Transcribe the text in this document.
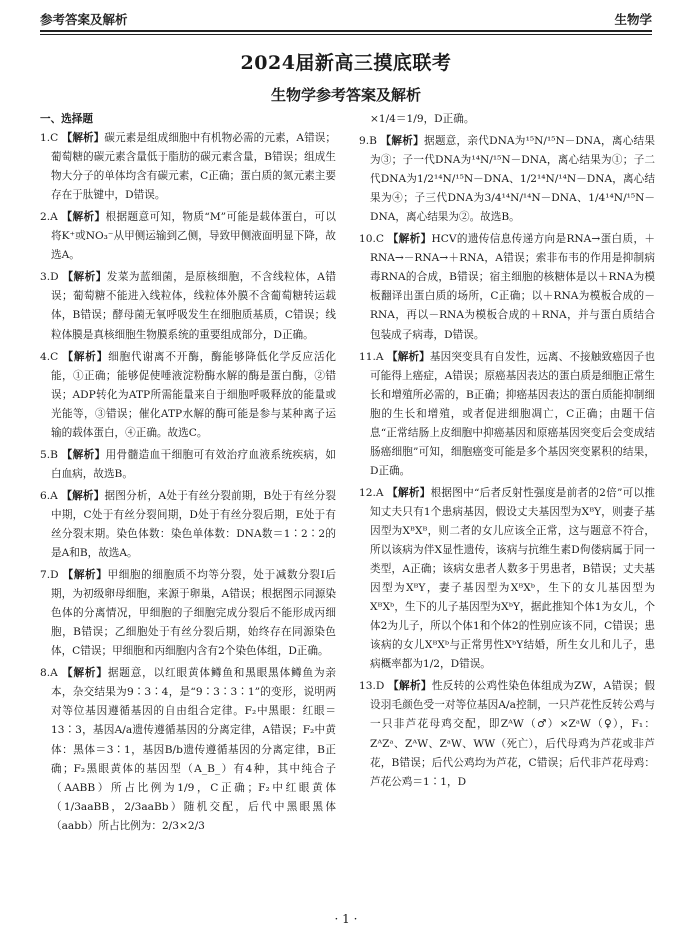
参考答案及解析	生物学
2024届新高三摸底联考
生物学参考答案及解析
一、选择题
1.C 【解析】碳元素是组成细胞中有机物必需的元素，A错误；葡萄糖的碳元素含量低于脂肪的碳元素含量，B错误；组成生物大分子的单体均含有碳元素，C正确；蛋白质的氮元素主要存在于肽键中，D错误。
2.A 【解析】根据题意可知，物质“M”可能是载体蛋白，可以将K⁺或NO₃⁻从甲侧运输到乙侧，导致甲侧液面明显下降，故选A。
3.D 【解析】发菜为蓝细菌，是原核细胞，不含线粒体，A错误；葡萄糖不能进入线粒体，线粒体外膜不含葡萄糖转运载体，B错误；酵母菌无氧呼吸发生在细胞质基质，C错误；线粒体膜是真核细胞生物膜系统的重要组成部分，D正确。
4.C 【解析】细胞代谢离不开酶，酶能够降低化学反应活化能，①正确；能够促使唾液淀粉酶水解的酶是蛋白酶，②错误；ADP转化为ATP所需能量来自于细胞呼吸释放的能量或光能等，③错误；催化ATP水解的酶可能是参与某种离子运输的载体蛋白，④正确。故选C。
5.B 【解析】用骨髓造血干细胞可有效治疗血液系统疾病，如白血病，故选B。
6.A 【解析】据图分析，A处于有丝分裂前期，B处于有丝分裂中期，C处于有丝分裂间期，D处于有丝分裂后期，E处于有丝分裂末期。染色体数：染色单体数：DNA数＝1∶2∶2的是A和B，故选A。
7.D 【解析】甲细胞的细胞质不均等分裂，处于减数分裂Ⅰ后期，为初级卵母细胞，来源于卵巢，A错误；根据图示同源染色体的分离情况，甲细胞的子细胞完成分裂后不能形成丙细胞，B错误；乙细胞处于有丝分裂后期，始终存在同源染色体，C错误；甲细胞和丙细胞内含有2个染色体组，D正确。
8.A 【解析】据题意，以红眼黄体鳟鱼和黑眼黑体鳟鱼为亲本，杂交结果为9∶3∶4，是“9∶3∶3∶1”的变形，说明两对等位基因遵循基因的自由组合定律。F₂中黑眼：红眼＝13∶3，基因A/a遗传遵循基因的分离定律，A错误；F₂中黄体：黑体＝3∶1，基因B/b遗传遵循基因的分离定律，B正确；F₂黑眼黄体的基因型（A_B_）有4种，其中纯合子（AABB）所占比例为1/9，C正确；F₂中红眼黄体（1/3aaBB，2/3aaBb）随机交配，后代中黑眼黑体（aabb）所占比例为：2/3×2/3
×1/4＝1/9，D正确。
9.B 【解析】据题意，亲代DNA为¹⁵N/¹⁵N－DNA，离心结果为③；子一代DNA为¹⁴N/¹⁵N－DNA，离心结果为①；子二代DNA为1/2¹⁴N/¹⁵N－DNA、1/2¹⁴N/¹⁴N－DNA，离心结果为④；子三代DNA为3/4¹⁴N/¹⁴N－DNA、1/4¹⁴N/¹⁵N－DNA，离心结果为②。故选B。
10.C 【解析】HCV的遗传信息传递方向是RNA→蛋白质，＋RNA→－RNA→＋RNA，A错误；索非布韦的作用是抑制病毒RNA的合成，B错误；宿主细胞的核糖体是以＋RNA为模板翻译出蛋白质的场所，C正确；以＋RNA为模板合成的－RNA，再以－RNA为模板合成的＋RNA，并与蛋白质结合包装成子病毒，D错误。
11.A 【解析】基因突变具有自发性，远离、不接触致癌因子也可能得上癌症，A错误；原癌基因表达的蛋白质是细胞正常生长和增殖所必需的，B正确；抑癌基因表达的蛋白质能抑制细胞的生长和增殖，或者促进细胞凋亡，C正确；由题干信息“正常结肠上皮细胞中抑癌基因和原癌基因突变后会变成结肠癌细胞”可知，细胞癌变可能是多个基因突变累积的结果，D正确。
12.A 【解析】根据图中“后者反射性强度是前者的2倍”可以推知丈夫只有1个患病基因，假设丈夫基因型为XᴮY，则妻子基因型为XᴮXᴮ，则二者的女儿应该全正常，这与题意不符合，所以该病为伴X显性遗传，该病与抗维生素D佝偻病属于同一类型，A正确；该病女患者人数多于男患者，B错误；丈夫基因型为XᴮY，妻子基因型为XᴮXᵇ，生下的女儿基因型为XᴮXᵇ，生下的儿子基因型为XᵇY，据此推知个体1为女儿，个体2为儿子，所以个体1和个体2的性别应该不同，C错误；患该病的女儿XᴮXᵇ与正常男性XᵇY结婚，所生女儿和儿子，患病概率都为1/2，D错误。
13.D 【解析】性反转的公鸡性染色体组成为ZW，A错误；假设羽毛颜色受一对等位基因A/a控制，一只芦花性反转公鸡与一只非芦花母鸡交配，即ZᴬW（♂）×ZᵃW（♀），F₁：ZᴬZᵃ、ZᴬW、ZᵃW、WW（死亡），后代母鸡为芦花或非芦花，B错误；后代公鸡均为芦花，C错误；后代非芦花母鸡：芦花公鸡＝1∶1，D
· 1 ·
